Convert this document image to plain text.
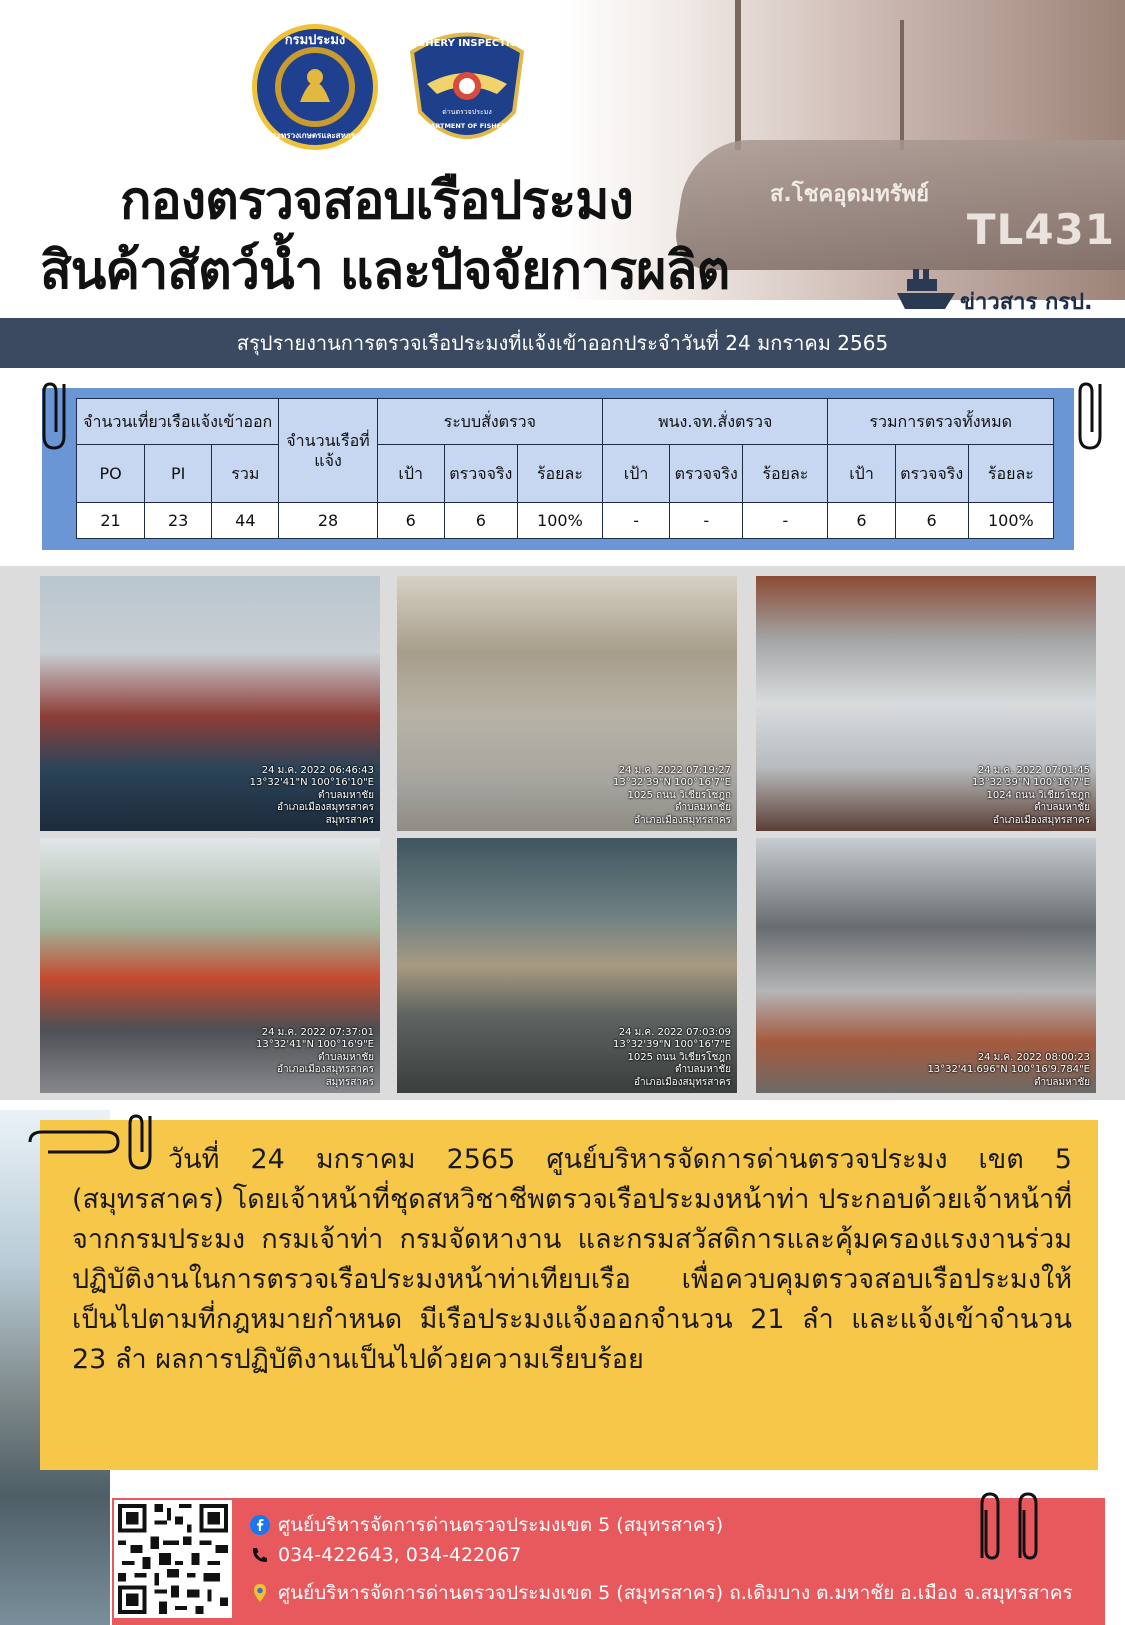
ส.โชคอุดมทรัพย์
TL431
กรมประมง
กระทรวงเกษตรและสหกรณ์
FISHERY INSPECTION
ด่านตรวจประมง
DEPARTMENT OF FISHERIES
กองตรวจสอบเรือประมง
สินค้าสัตว์น้ำ และปัจจัยการผลิต
ข่าวสาร กรป.
สรุปรายงานการตรวจเรือประมงที่แจ้งเข้าออกประจำวันที่ 24 มกราคม 2565
จำนวนเที่ยวเรือแจ้งเข้าออก			จำนวนเรือที่แจ้ง	ระบบสั่งตรวจ			พนง.จท.สั่งตรวจ			รวมการตรวจทั้งหมด		
PO	PI	รวม		เป้า	ตรวจจริง	ร้อยละ	เป้า	ตรวจจริง	ร้อยละ	เป้า	ตรวจจริง	ร้อยละ
21	23	44	28	6	6	100%	-	-	-	6	6	100%
24 ม.ค. 2022 06:46:43
13°32'41"N 100°16'10"E
ตำบลมหาชัย
อำเภอเมืองสมุทรสาคร
สมุทรสาคร
24 ม.ค. 2022 07:19:27
13°32'39"N 100°16'7"E
1025 ถนน วิเชียรโชฎก
ตำบลมหาชัย
อำเภอเมืองสมุทรสาคร
24 ม.ค. 2022 07:01:45
13°32'39"N 100°16'7"E
1024 ถนน วิเชียรโชฎก
ตำบลมหาชัย
อำเภอเมืองสมุทรสาคร
24 ม.ค. 2022 07:37:01
13°32'41"N 100°16'9"E
ตำบลมหาชัย
อำเภอเมืองสมุทรสาคร
สมุทรสาคร
24 ม.ค. 2022 07:03:09
13°32'39"N 100°16'7"E
1025 ถนน วิเชียรโชฎก
ตำบลมหาชัย
อำเภอเมืองสมุทรสาคร
24 ม.ค. 2022 08:00:23
13°32'41.696"N 100°16'9.784"E
ตำบลมหาชัย
วันที่ 24 มกราคม 2565 ศูนย์บริหารจัดการด่านตรวจประมง เขต 5 (สมุทรสาคร) โดยเจ้าหน้าที่ชุดสหวิชาชีพตรวจเรือประมงหน้าท่า ประกอบด้วยเจ้าหน้าที่จากกรมประมง กรมเจ้าท่า กรมจัดหางาน และกรมสวัสดิการและคุ้มครองแรงงานร่วมปฏิบัติงานในการตรวจเรือประมงหน้าท่าเทียบเรือ เพื่อควบคุมตรวจสอบเรือประมงให้เป็นไปตามที่กฎหมายกำหนด มีเรือประมงแจ้งออกจำนวน 21 ลำ และแจ้งเข้าจำนวน 23 ลำ ผลการปฏิบัติงานเป็นไปด้วยความเรียบร้อย
ศูนย์บริหารจัดการด่านตรวจประมงเขต 5 (สมุทรสาคร)
034-422643, 034-422067
ศูนย์บริหารจัดการด่านตรวจประมงเขต 5 (สมุทรสาคร) ถ.เดิมบาง ต.มหาชัย อ.เมือง จ.สมุทรสาคร
